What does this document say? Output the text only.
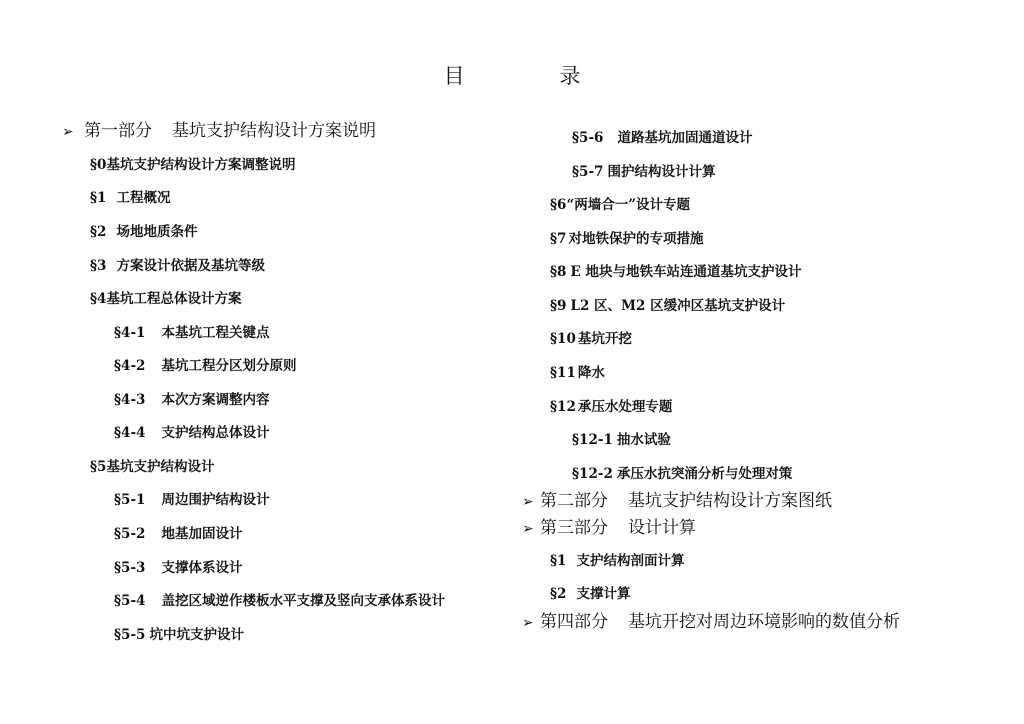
目 录
➢ 第一部分 基坑支护结构设计方案说明
§0基坑支护结构设计方案调整说明
§1 工程概况
§2 场地地质条件
§3 方案设计依据及基坑等级
§4基坑工程总体设计方案
§4-1 本基坑工程关键点
§4-2 基坑工程分区划分原则
§4-3 本次方案调整内容
§4-4 支护结构总体设计
§5基坑支护结构设计
§5-1 周边围护结构设计
§5-2 地基加固设计
§5-3 支撑体系设计
§5-4 盖挖区域逆作楼板水平支撑及竖向支承体系设计
§5-5 坑中坑支护设计
§5-6 道路基坑加固通道设计
§5-7 围护结构设计计算
§6“两墙合一”设计专题
§7 对地铁保护的专项措施
§8 E 地块与地铁车站连通道基坑支护设计
§9 L2 区、M2 区缓冲区基坑支护设计
§10 基坑开挖
§11 降水
§12 承压水处理专题
§12-1 抽水试验
§12-2 承压水抗突涌分析与处理对策
➢ 第二部分 基坑支护结构设计方案图纸
➢ 第三部分 设计计算
§1 支护结构剖面计算
§2 支撑计算
➢ 第四部分 基坑开挖对周边环境影响的数值分析
